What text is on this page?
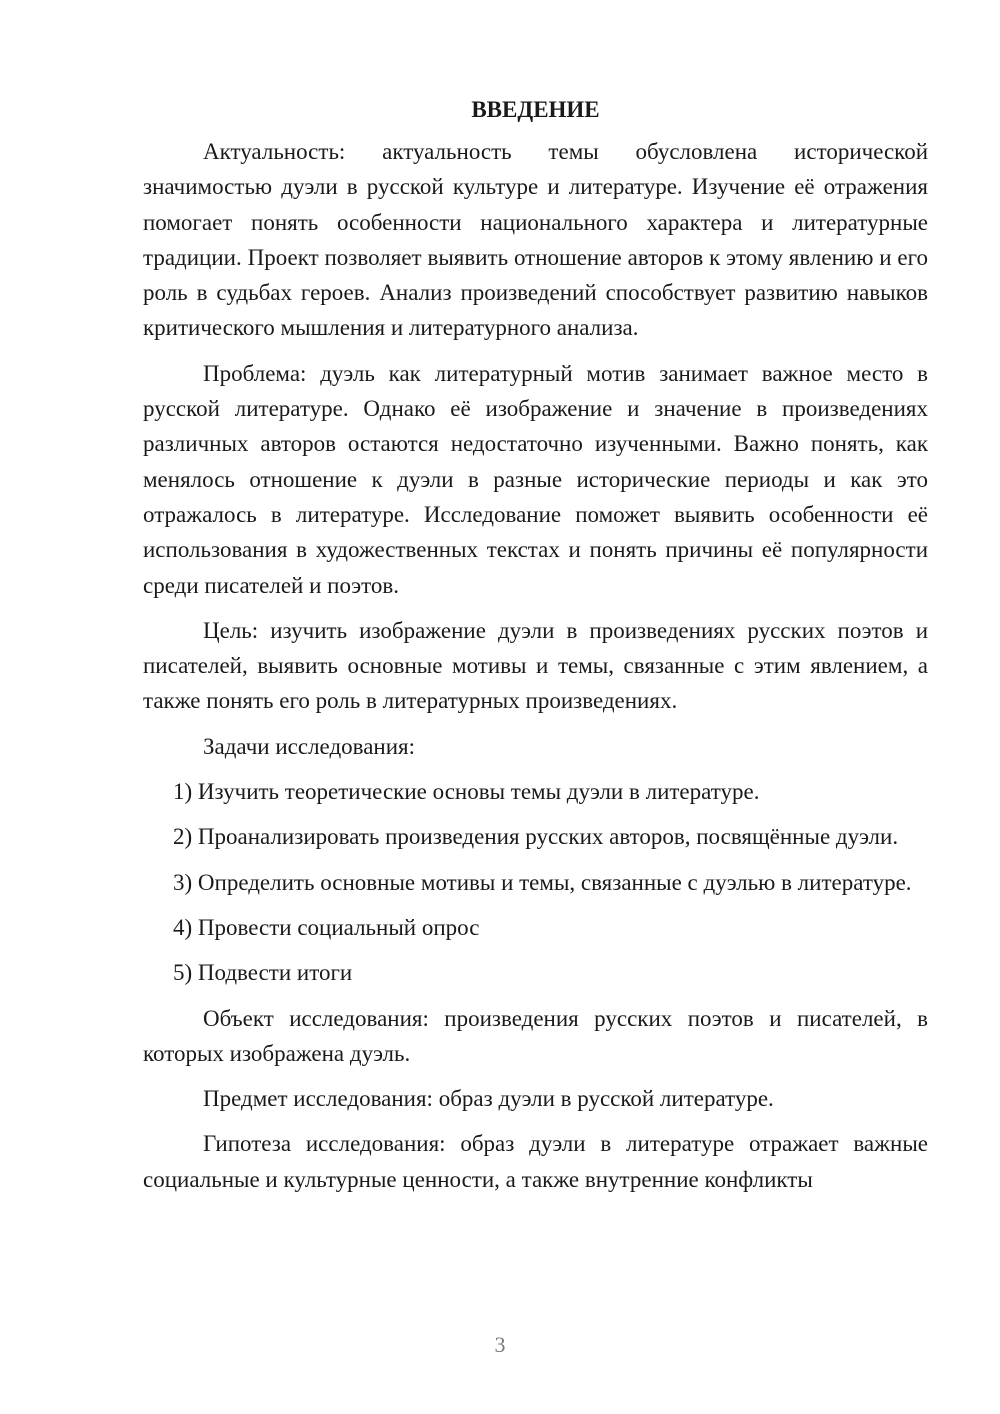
ВВЕДЕНИЕ

Актуальность: актуальность темы обусловлена исторической значимостью дуэли в русской культуре и литературе. Изучение её отражения помогает понять особенности национального характера и литературные традиции. Проект позволяет выявить отношение авторов к этому явлению и его роль в судьбах героев. Анализ произведений способствует развитию навыков критического мышления и литературного анализа.

Проблема: дуэль как литературный мотив занимает важное место в русской литературе. Однако её изображение и значение в произведениях различных авторов остаются недостаточно изученными. Важно понять, как менялось отношение к дуэли в разные исторические периоды и как это отражалось в литературе. Исследование поможет выявить особенности её использования в художественных текстах и понять причины её популярности среди писателей и поэтов.

Цель: изучить изображение дуэли в произведениях русских поэтов и писателей, выявить основные мотивы и темы, связанные с этим явлением, а также понять его роль в литературных произведениях.

Задачи исследования:

1) Изучить теоретические основы темы дуэли в литературе.

2) Проанализировать произведения русских авторов, посвящённые дуэли.

3) Определить основные мотивы и темы, связанные с дуэлью в литературе.

4) Провести социальный опрос

5) Подвести итоги

Объект исследования: произведения русских поэтов и писателей, в которых изображена дуэль.

Предмет исследования: образ дуэли в русской литературе.

Гипотеза исследования: образ дуэли в литературе отражает важные социальные и культурные ценности, а также внутренние конфликты

3
